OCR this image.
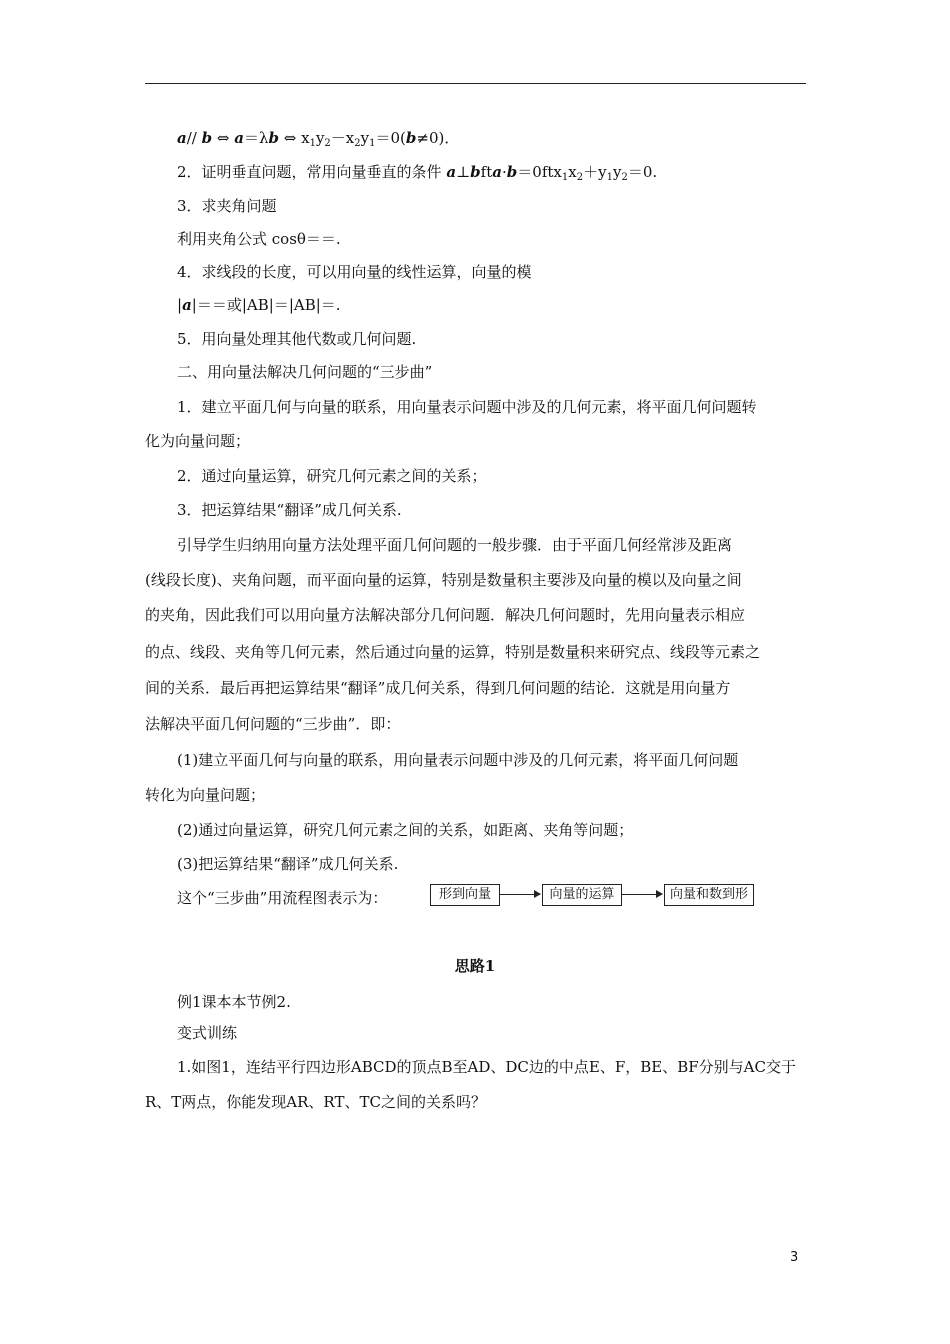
a// b ⇔ a＝λb ⇔ $x_1y_2-x_2y_1=0(b\ne 0)$．
2．证明垂直问题，常用向量垂直的条件 $a\perp bfta\cdot b=0ftx_1x_2+y_1y_2=0$.
3．求夹角问题
利用夹角公式 cosθ＝＝.
4．求线段的长度，可以用向量的线性运算，向量的模
|a|＝＝或|AB|＝|AB|＝.
5．用向量处理其他代数或几何问题.
二、用向量法解决几何问题的“三步曲”
1．建立平面几何与向量的联系，用向量表示问题中涉及的几何元素，将平面几何问题转
化为向量问题；
2．通过向量运算，研究几何元素之间的关系；
3．把运算结果“翻译”成几何关系.
引导学生归纳用向量方法处理平面几何问题的一般步骤．由于平面几何经常涉及距离
(线段长度)、夹角问题，而平面向量的运算，特别是数量积主要涉及向量的模以及向量之间
的夹角，因此我们可以用向量方法解决部分几何问题．解决几何问题时，先用向量表示相应
的点、线段、夹角等几何元素，然后通过向量的运算，特别是数量积来研究点、线段等元素之
间的关系．最后再把运算结果“翻译”成几何关系，得到几何问题的结论．这就是用向量方
法解决平面几何问题的“三步曲”．即：
(1)建立平面几何与向量的联系，用向量表示问题中涉及的几何元素，将平面几何问题
转化为向量问题；
(2)通过向量运算，研究几何元素之间的关系，如距离、夹角等问题；
(3)把运算结果“翻译”成几何关系.
这个“三步曲”用流程图表示为：	形到向量	向量的运算	向量和数到形
思路1
例1课本本节例2.
变式训练
1.如图1，连结平行四边形ABCD的顶点B至AD、DC边的中点E、F，BE、BF分别与AC交于
R、T两点，你能发现AR、RT、TC之间的关系吗？
3
